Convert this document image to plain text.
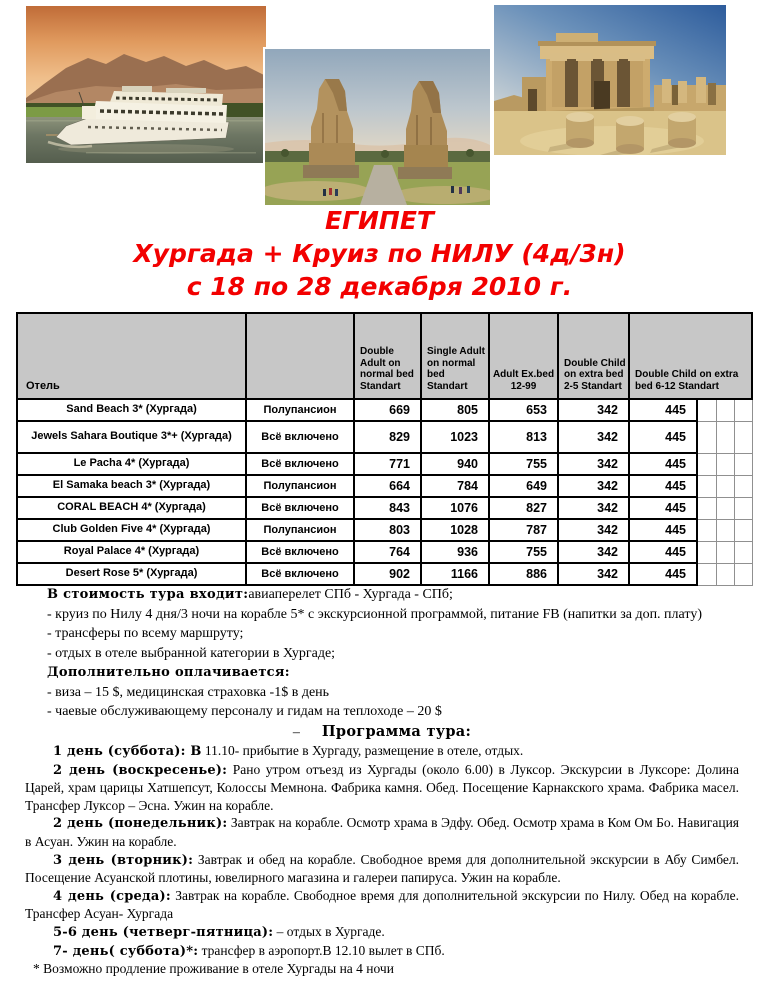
ЕГИПЕТ
Хургада + Круиз по НИЛУ (4д/3н)
с 18 по 28 декабря 2010 г.
Отель		Double Adult on normal bed Standart	Single Adult on normal bed Standart	Adult Ex.bed 12-99	Double Child on extra bed 2-5 Standart	Double Child on extra bed 6-12 Standart			
Sand Beach 3* (Хургада)	Полупансион	669	805	653	342	445			
Jewels Sahara Boutique 3*+ (Хургада)	Всё включено	829	1023	813	342	445			
Le Pacha 4* (Хургада)	Всё включено	771	940	755	342	445			
El Samaka beach 3* (Хургада)	Полупансион	664	784	649	342	445			
CORAL BEACH 4* (Хургада)	Всё включено	843	1076	827	342	445			
Club Golden Five 4* (Хургада)	Полупансион	803	1028	787	342	445			
Royal Palace 4* (Хургада)	Всё включено	764	936	755	342	445			
Desert Rose 5* (Хургада)	Всё включено	902	1166	886	342	445			

В стоимость тура входит:авиаперелет СПб - Хургада - СПб;

- круиз по Нилу 4 дня/3 ночи на корабле 5* с экскурсионной программой, питание FB (напитки за доп. плату)

- трансферы по всему маршруту;

- отдых в отеле выбранной категории в Хургаде;

Дополнительно оплачивается:

- виза – 15 $, медицинская страховка -1$ в день

- чаевые обслуживающему персоналу и гидам на теплоходе – 20 $

– Программа тура:

1 день (суббота): В 11.10- прибытие в Хургаду, размещение в отеле, отдых.

2 день (воскресенье): Рано утром отъезд из Хургады (около 6.00) в Луксор. Экскурсии в Луксоре: Долина Царей, храм царицы Хатшепсут, Колоссы Мемнона. Фабрика камня. Обед. Посещение Карнакского храма. Фабрика масел. Трансфер Луксор – Эсна. Ужин на корабле.

2 день (понедельник): Завтрак на корабле. Осмотр храма в Эдфу. Обед. Осмотр храма в Ком Ом Бо. Навигация в Асуан. Ужин на корабле.

3 день (вторник): Завтрак и обед на корабле. Свободное время для дополнительной экскурсии в Абу Симбел. Посещение Асуанской плотины, ювелирного магазина и галереи папируса. Ужин на корабле.

4 день (среда): Завтрак на корабле. Свободное время для дополнительной экскурсии по Нилу. Обед на корабле. Трансфер Асуан- Хургада

5-6 день (четверг-пятница): – отдых в Хургаде.

7- день( суббота)*: трансфер в аэропорт.В 12.10 вылет в СПб.

* Возможно продление проживание в отеле Хургады на 4 ночи
